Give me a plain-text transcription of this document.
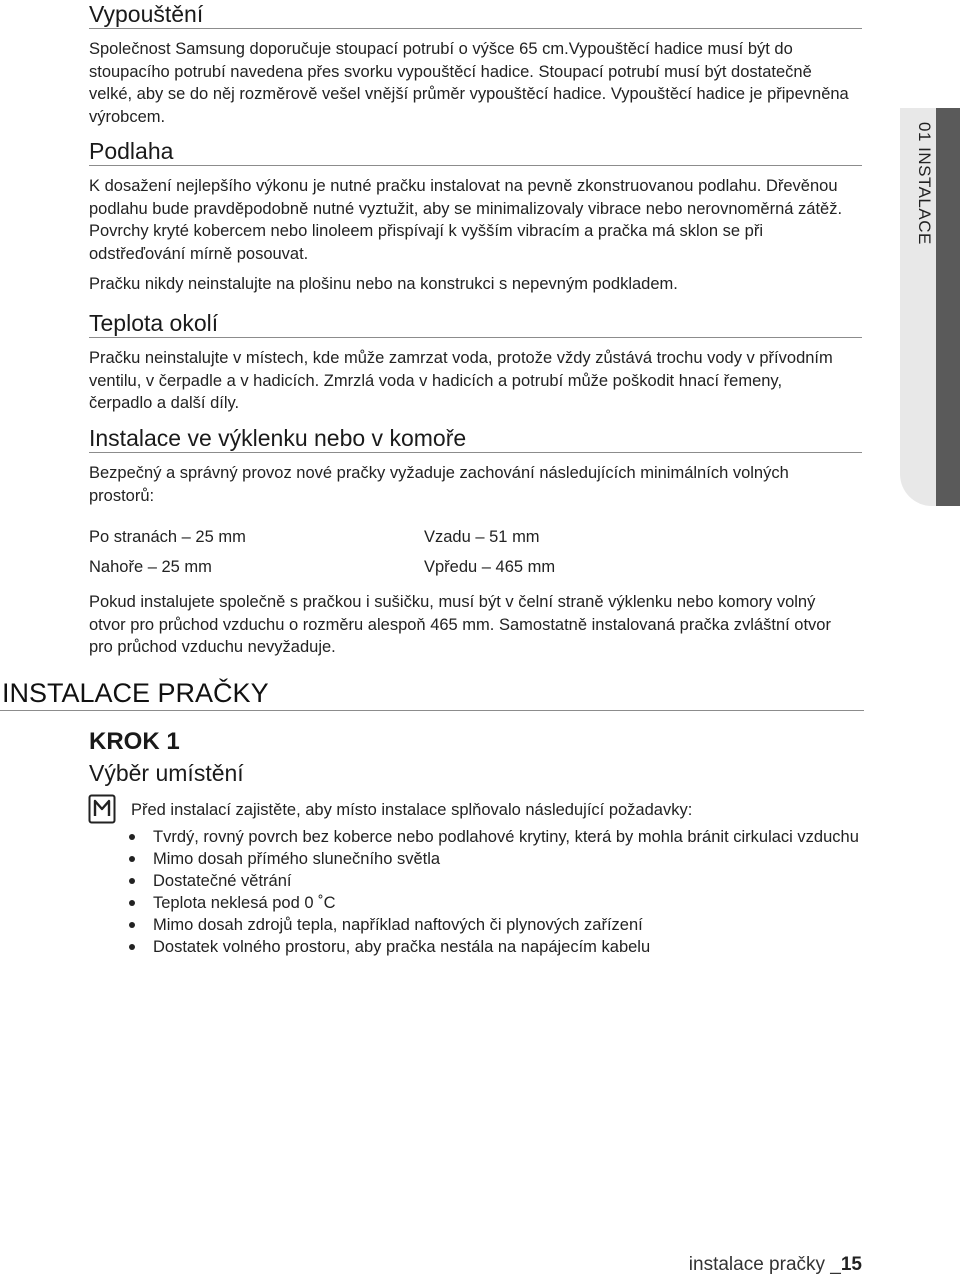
01 INSTALACE
Vypouštění

Společnost Samsung doporučuje stoupací potrubí o výšce 65 cm.Vypouštěcí hadice musí být do stoupacího potrubí navedena přes svorku vypouštěcí hadice. Stoupací potrubí musí být dostatečně velké, aby se do něj rozměrově vešel vnější průměr vypouštěcí hadice. Vypouštěcí hadice je připevněna výrobcem.

Podlaha

K dosažení nejlepšího výkonu je nutné pračku instalovat na pevně zkonstruovanou podlahu. Dřevěnou podlahu bude pravděpodobně nutné vyztužit, aby se minimalizovaly vibrace nebo nerovnoměrná zátěž. Povrchy kryté kobercem nebo linoleem přispívají k vyšším vibracím a pračka má sklon se při odstřeďování mírně posouvat.

Pračku nikdy neinstalujte na plošinu nebo na konstrukci s nepevným podkladem.

Teplota okolí

Pračku neinstalujte v místech, kde může zamrzat voda, protože vždy zůstává trochu vody v přívodním ventilu, v čerpadle a v hadicích. Zmrzlá voda v hadicích a potrubí může poškodit hnací řemeny, čerpadlo a další díly.

Instalace ve výklenku nebo v komoře

Bezpečný a správný provoz nové pračky vyžaduje zachování následujících minimálních volných prostorů:

Po stranách – 25 mm	Vzadu – 51 mm
Nahoře – 25 mm	Vpředu – 465 mm

Pokud instalujete společně s pračkou i sušičku, musí být v čelní straně výklenku nebo komory volný otvor pro průchod vzduchu o rozměru alespoň 465 mm. Samostatně instalovaná pračka zvláštní otvor pro průchod vzduchu nevyžaduje.

INSTALACE PRAČKY
KROK 1
Výběr umístění
Před instalací zajistěte, aby místo instalace splňovalo následující požadavky:
Tvrdý, rovný povrch bez koberce nebo podlahové krytiny, která by mohla bránit cirkulaci vzduchu
Mimo dosah přímého slunečního světla
Dostatečné větrání
Teplota neklesá pod 0 ˚C
Mimo dosah zdrojů tepla, například naftových či plynových zařízení
Dostatek volného prostoru, aby pračka nestála na napájecím kabelu
instalace pračky _15
